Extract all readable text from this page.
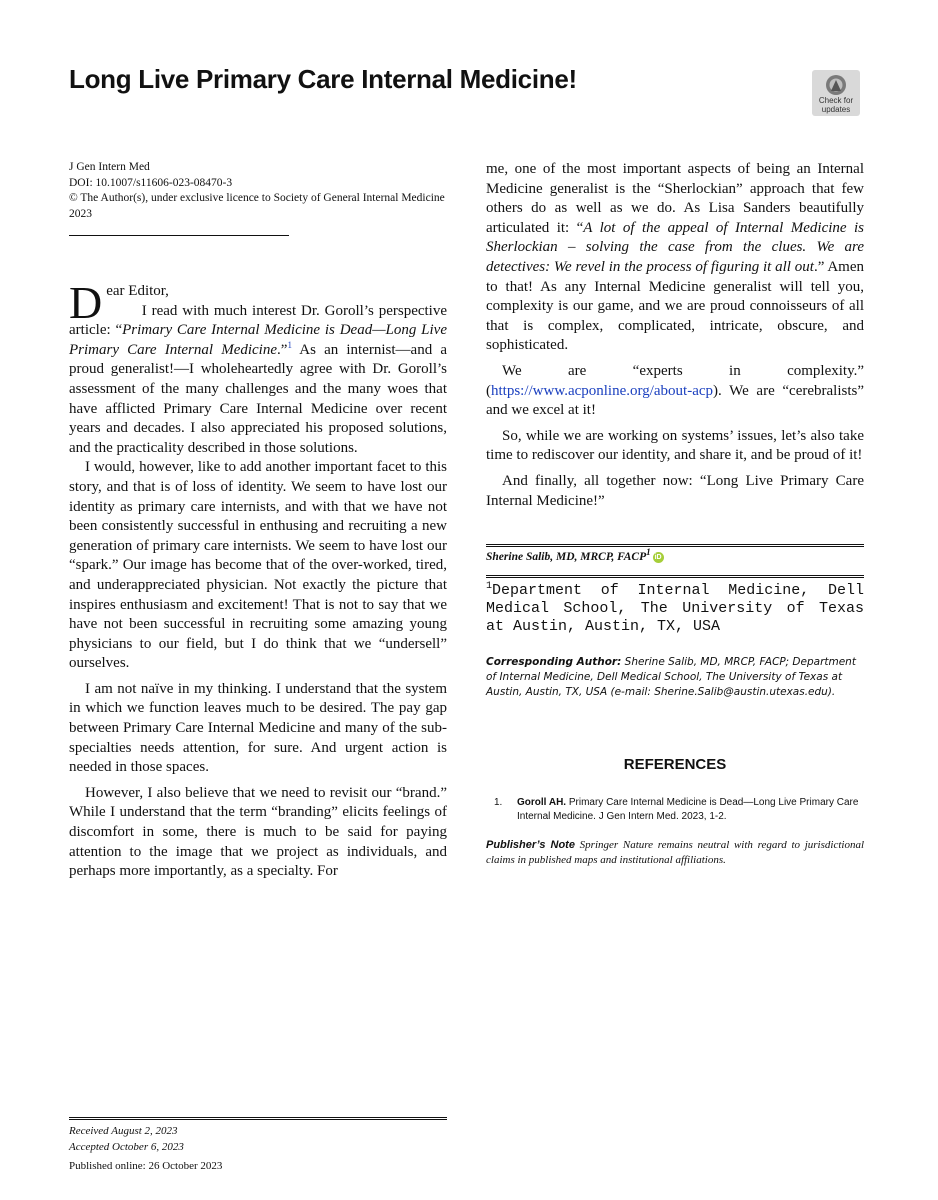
Long Live Primary Care Internal Medicine!
Check for
updates
J Gen Intern Med
DOI: 10.1007/s11606-023-08470-3
© The Author(s), under exclusive licence to Society of General Internal Medicine 2023
D ear Editor,

I read with much interest Dr. Goroll’s perspective article: “Primary Care Internal Medicine is Dead—Long Live Primary Care Internal Medicine.”$^1$ As an internist—and a proud generalist!—I wholeheartedly agree with Dr. Goroll’s assessment of the many challenges and the many woes that have afflicted Primary Care Internal Medicine over recent years and decades. I also appreciated his proposed solutions, and the practicality described in those solutions.

I would, however, like to add another important facet to this story, and that is of loss of identity. We seem to have lost our identity as primary care internists, and with that we have not been consistently successful in enthusing and recruiting a new generation of primary care internists. We seem to have lost our “spark.” Our image has become that of the over-worked, tired, and underappreciated physician. Not exactly the picture that inspires enthusiasm and excitement! That is not to say that we have not been successful in recruiting some amazing young physicians to our field, but I do think that we “undersell” ourselves.

I am not naïve in my thinking. I understand that the system in which we function leaves much to be desired. The pay gap between Primary Care Internal Medicine and many of the sub-specialties needs attention, for sure. And urgent action is needed in those spaces.

However, I also believe that we need to revisit our “brand.” While I understand that the term “branding” elicits feelings of discomfort in some, there is much to be said for paying attention to the image that we project as individuals, and perhaps more importantly, as a specialty. For

me, one of the most important aspects of being an Internal Medicine generalist is the “Sherlockian” approach that few others do as well as we do. As Lisa Sanders beautifully articulated it: “A lot of the appeal of Internal Medicine is Sherlockian – solving the case from the clues. We are detectives: We revel in the process of figuring it all out.” Amen to that! As any Internal Medicine generalist will tell you, complexity is our game, and we are proud connoisseurs of all that is complex, complicated, intricate, obscure, and sophisticated.

We are “experts in complexity.” (https://www.acponline.org/about-acp). We are “cerebralists” and we excel at it!

So, while we are working on systems’ issues, let’s also take time to rediscover our identity, and share it, and be proud of it!

And finally, all together now: “Long Live Primary Care Internal Medicine!”

Sherine Salib, MD, MRCP, FACP$^1$iD
$^1$Department of Internal Medicine, Dell Medical School, The University of Texas at Austin, Austin, TX, USA
Corresponding Author: Sherine Salib, MD, MRCP, FACP; Department of Internal Medicine, Dell Medical School, The University of Texas at Austin, Austin, TX, USA (e-mail: Sherine.Salib@austin.utexas.edu).
REFERENCES
1. Goroll AH. Primary Care Internal Medicine is Dead—Long Live Primary Care Internal Medicine. J Gen Intern Med. 2023, 1-2.
Publisher’s Note Springer Nature remains neutral with regard to jurisdictional claims in published maps and institutional affiliations.
Received August 2, 2023
Accepted October 6, 2023
Published online: 26 October 2023
